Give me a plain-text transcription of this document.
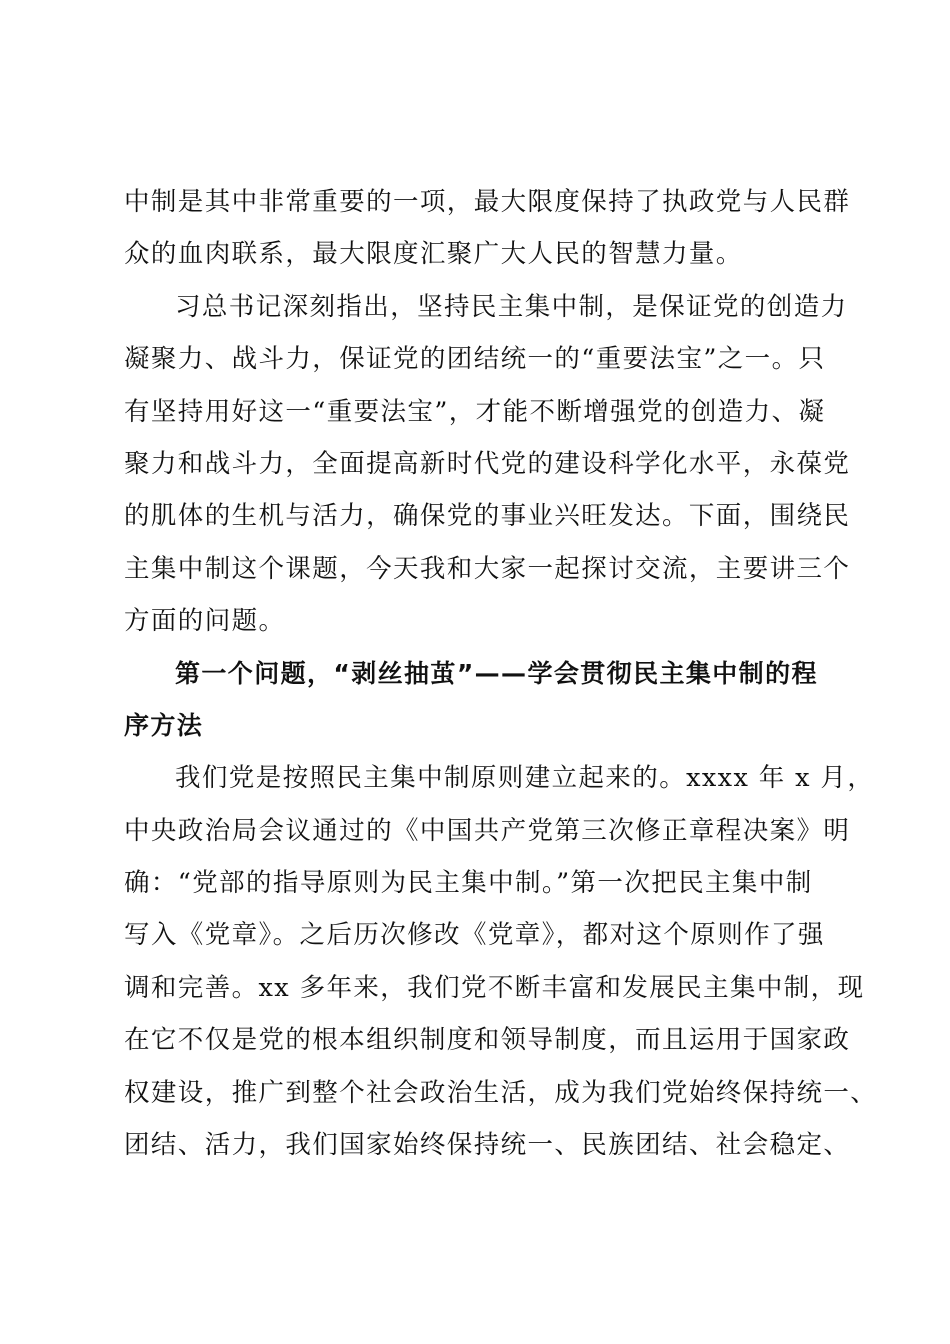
中制是其中非常重要的一项，最大限度保持了执政党与人民群
众的血肉联系，最大限度汇聚广大人民的智慧力量。
习总书记深刻指出，坚持民主集中制，是保证党的创造力
凝聚力、战斗力，保证党的团结统一的“重要法宝”之一。只
有坚持用好这一“重要法宝”，才能不断增强党的创造力、凝
聚力和战斗力，全面提高新时代党的建设科学化水平，永葆党
的肌体的生机与活力，确保党的事业兴旺发达。下面，围绕民
主集中制这个课题，今天我和大家一起探讨交流，主要讲三个
方面的问题。
第一个问题，“剥丝抽茧”——学会贯彻民主集中制的程
序方法
我们党是按照民主集中制原则建立起来的。xxxx 年 x 月，
中央政治局会议通过的《中国共产党第三次修正章程决案》明
确：“党部的指导原则为民主集中制。”第一次把民主集中制
写入《党章》。之后历次修改《党章》，都对这个原则作了强
调和完善。xx 多年来，我们党不断丰富和发展民主集中制，现
在它不仅是党的根本组织制度和领导制度，而且运用于国家政
权建设，推广到整个社会政治生活，成为我们党始终保持统一、
团结、活力，我们国家始终保持统一、民族团结、社会稳定、
